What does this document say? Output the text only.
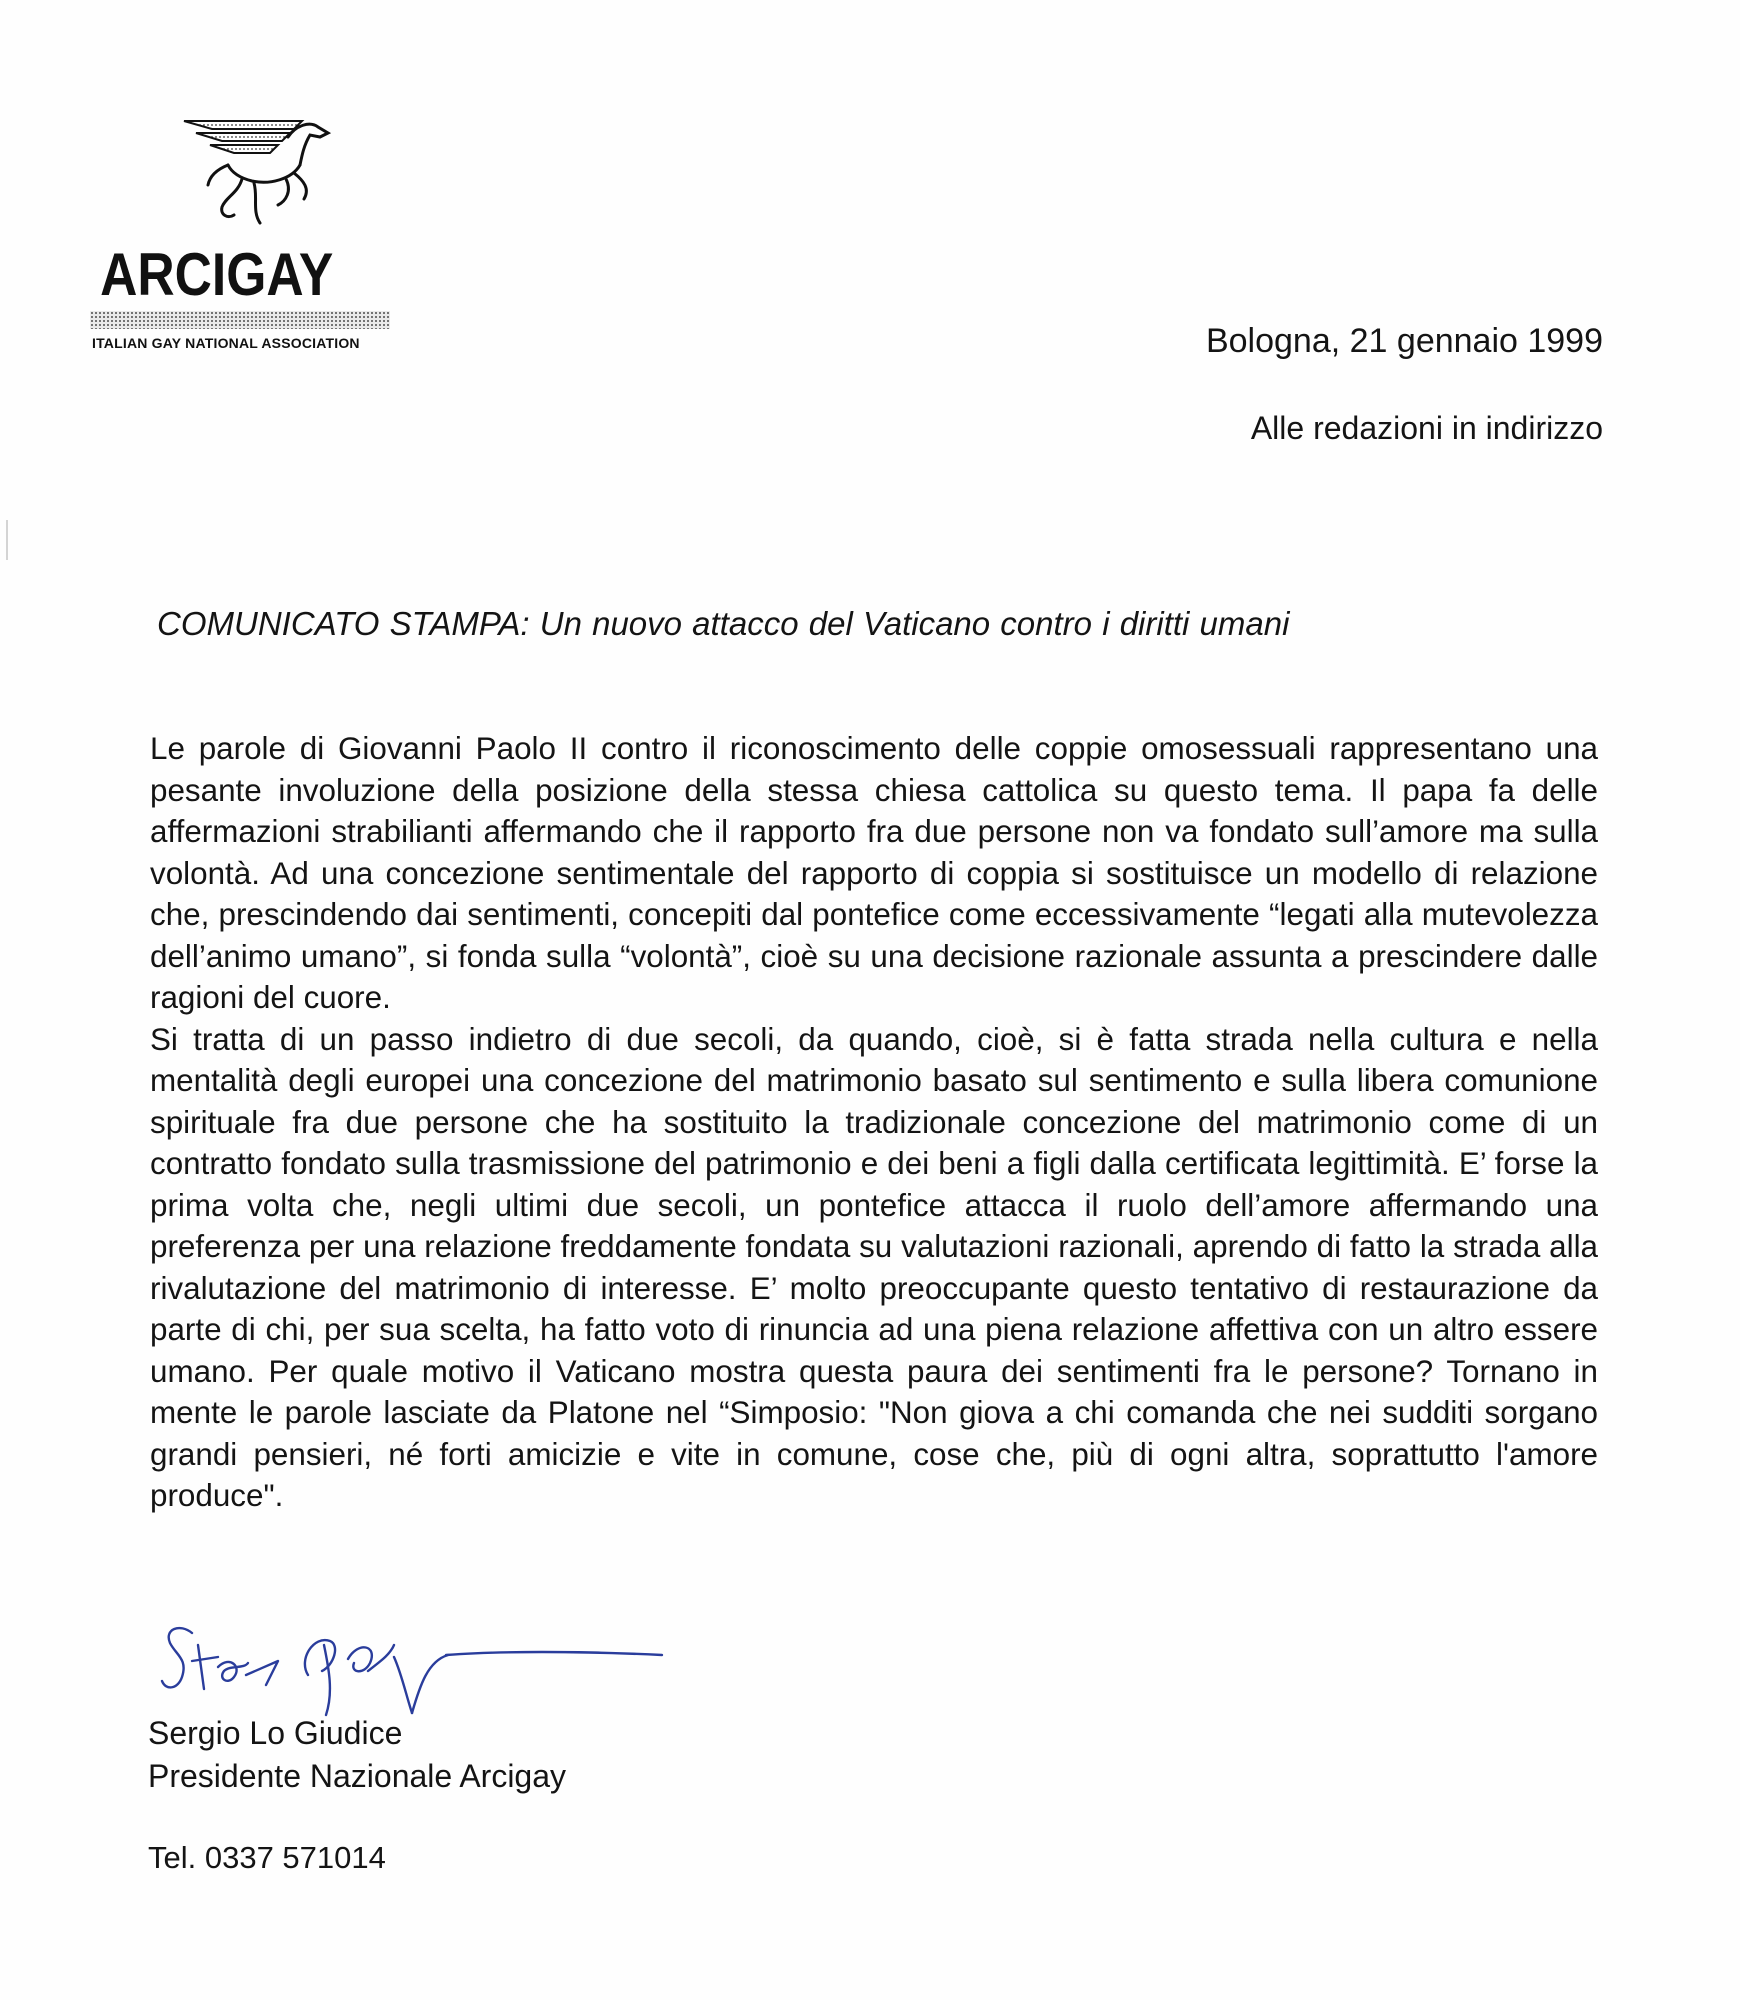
ARCIGAY
ITALIAN GAY NATIONAL ASSOCIATION	Bologna, 21 gennaio 1999
Alle redazioni in indirizzo
COMUNICATO STAMPA: Un nuovo attacco del Vaticano contro i diritti umani

Le parole di Giovanni Paolo II contro il riconoscimento delle coppie omosessuali rappresentano una pesante involuzione della posizione della stessa chiesa cattolica su questo tema. Il papa fa delle affermazioni strabilianti affermando che il rapporto fra due persone non va fondato sull’amore ma sulla volontà. Ad una concezione sentimentale del rapporto di coppia si sostituisce un modello di relazione che, prescindendo dai sentimenti, concepiti dal pontefice come eccessivamente “legati alla mutevolezza dell’animo umano”, si fonda sulla “volontà”, cioè su una decisione razionale assunta a prescindere dalle ragioni del cuore.

Si tratta di un passo indietro di due secoli, da quando, cioè, si è fatta strada nella cultura e nella mentalità degli europei una concezione del matrimonio basato sul sentimento e sulla libera comunione spirituale fra due persone che ha sostituito la tradizionale concezione del matrimonio come di un contratto fondato sulla trasmissione del patrimonio e dei beni a figli dalla certificata legittimità. E’ forse la prima volta che, negli ultimi due secoli, un pontefice attacca il ruolo dell’amore affermando una preferenza per una relazione freddamente fondata su valutazioni razionali, aprendo di fatto la strada alla rivalutazione del matrimonio di interesse. E’ molto preoccupante questo tentativo di restaurazione da parte di chi, per sua scelta, ha fatto voto di rinuncia ad una piena relazione affettiva con un altro essere umano. Per quale motivo il Vaticano mostra questa paura dei sentimenti fra le persone? Tornano in mente le parole lasciate da Platone nel “Simposio: "Non giova a chi comanda che nei sudditi sorgano grandi pensieri, né forti amicizie e vite in comune, cose che, più di ogni altra, soprattutto l'amore produce".

Sergio Lo Giudice
Presidente Nazionale Arcigay
Tel. 0337 571014
